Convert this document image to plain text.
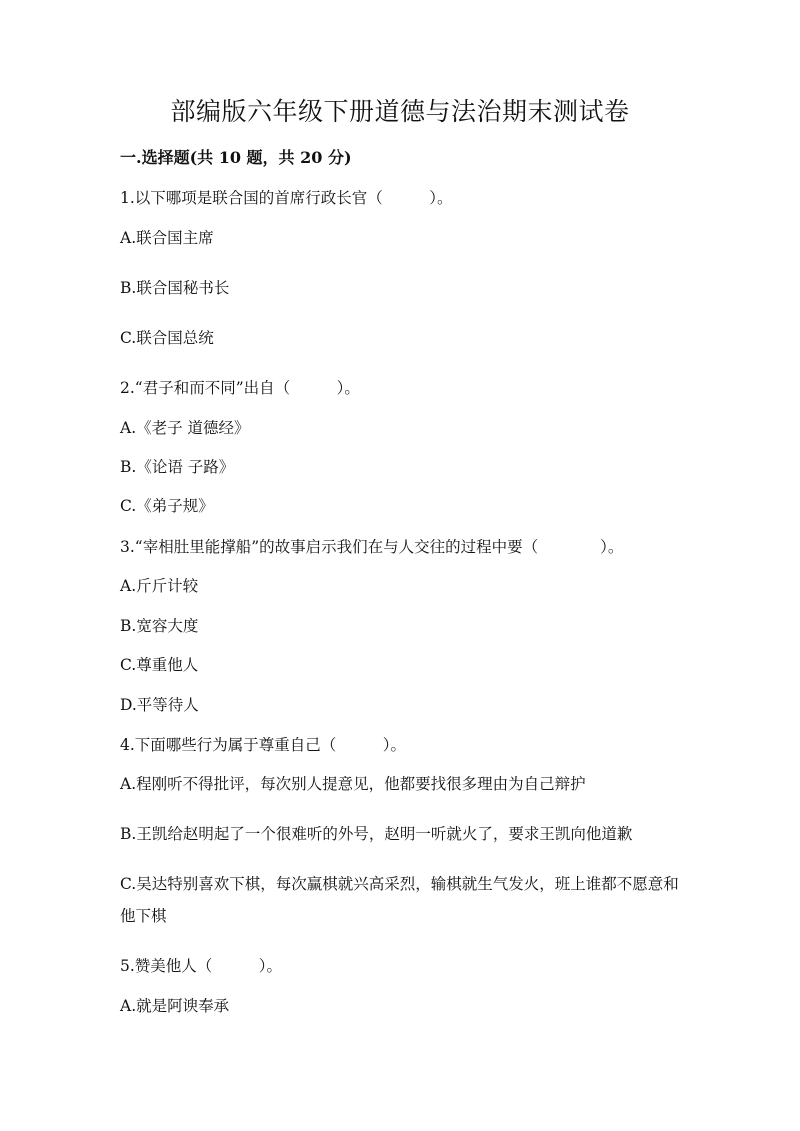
部编版六年级下册道德与法治期末测试卷
一.选择题(共 10 题，共 20 分)
1.以下哪项是联合国的首席行政长官（　　　）。
A.联合国主席
B.联合国秘书长
C.联合国总统
2.“君子和而不同”出自（　　　）。
A.《老子 道德经》
B.《论语 子路》
C.《弟子规》
3.“宰相肚里能撑船”的故事启示我们在与人交往的过程中要（　　　　）。
A.斤斤计较
B.宽容大度
C.尊重他人
D.平等待人
4.下面哪些行为属于尊重自己（　　　）。
A.程刚听不得批评，每次别人提意见，他都要找很多理由为自己辩护
B.王凯给赵明起了一个很难听的外号，赵明一听就火了，要求王凯向他道歉
C.吴达特别喜欢下棋，每次赢棋就兴高采烈，输棋就生气发火，班上谁都不愿意和他下棋
5.赞美他人（　　　）。
A.就是阿谀奉承
